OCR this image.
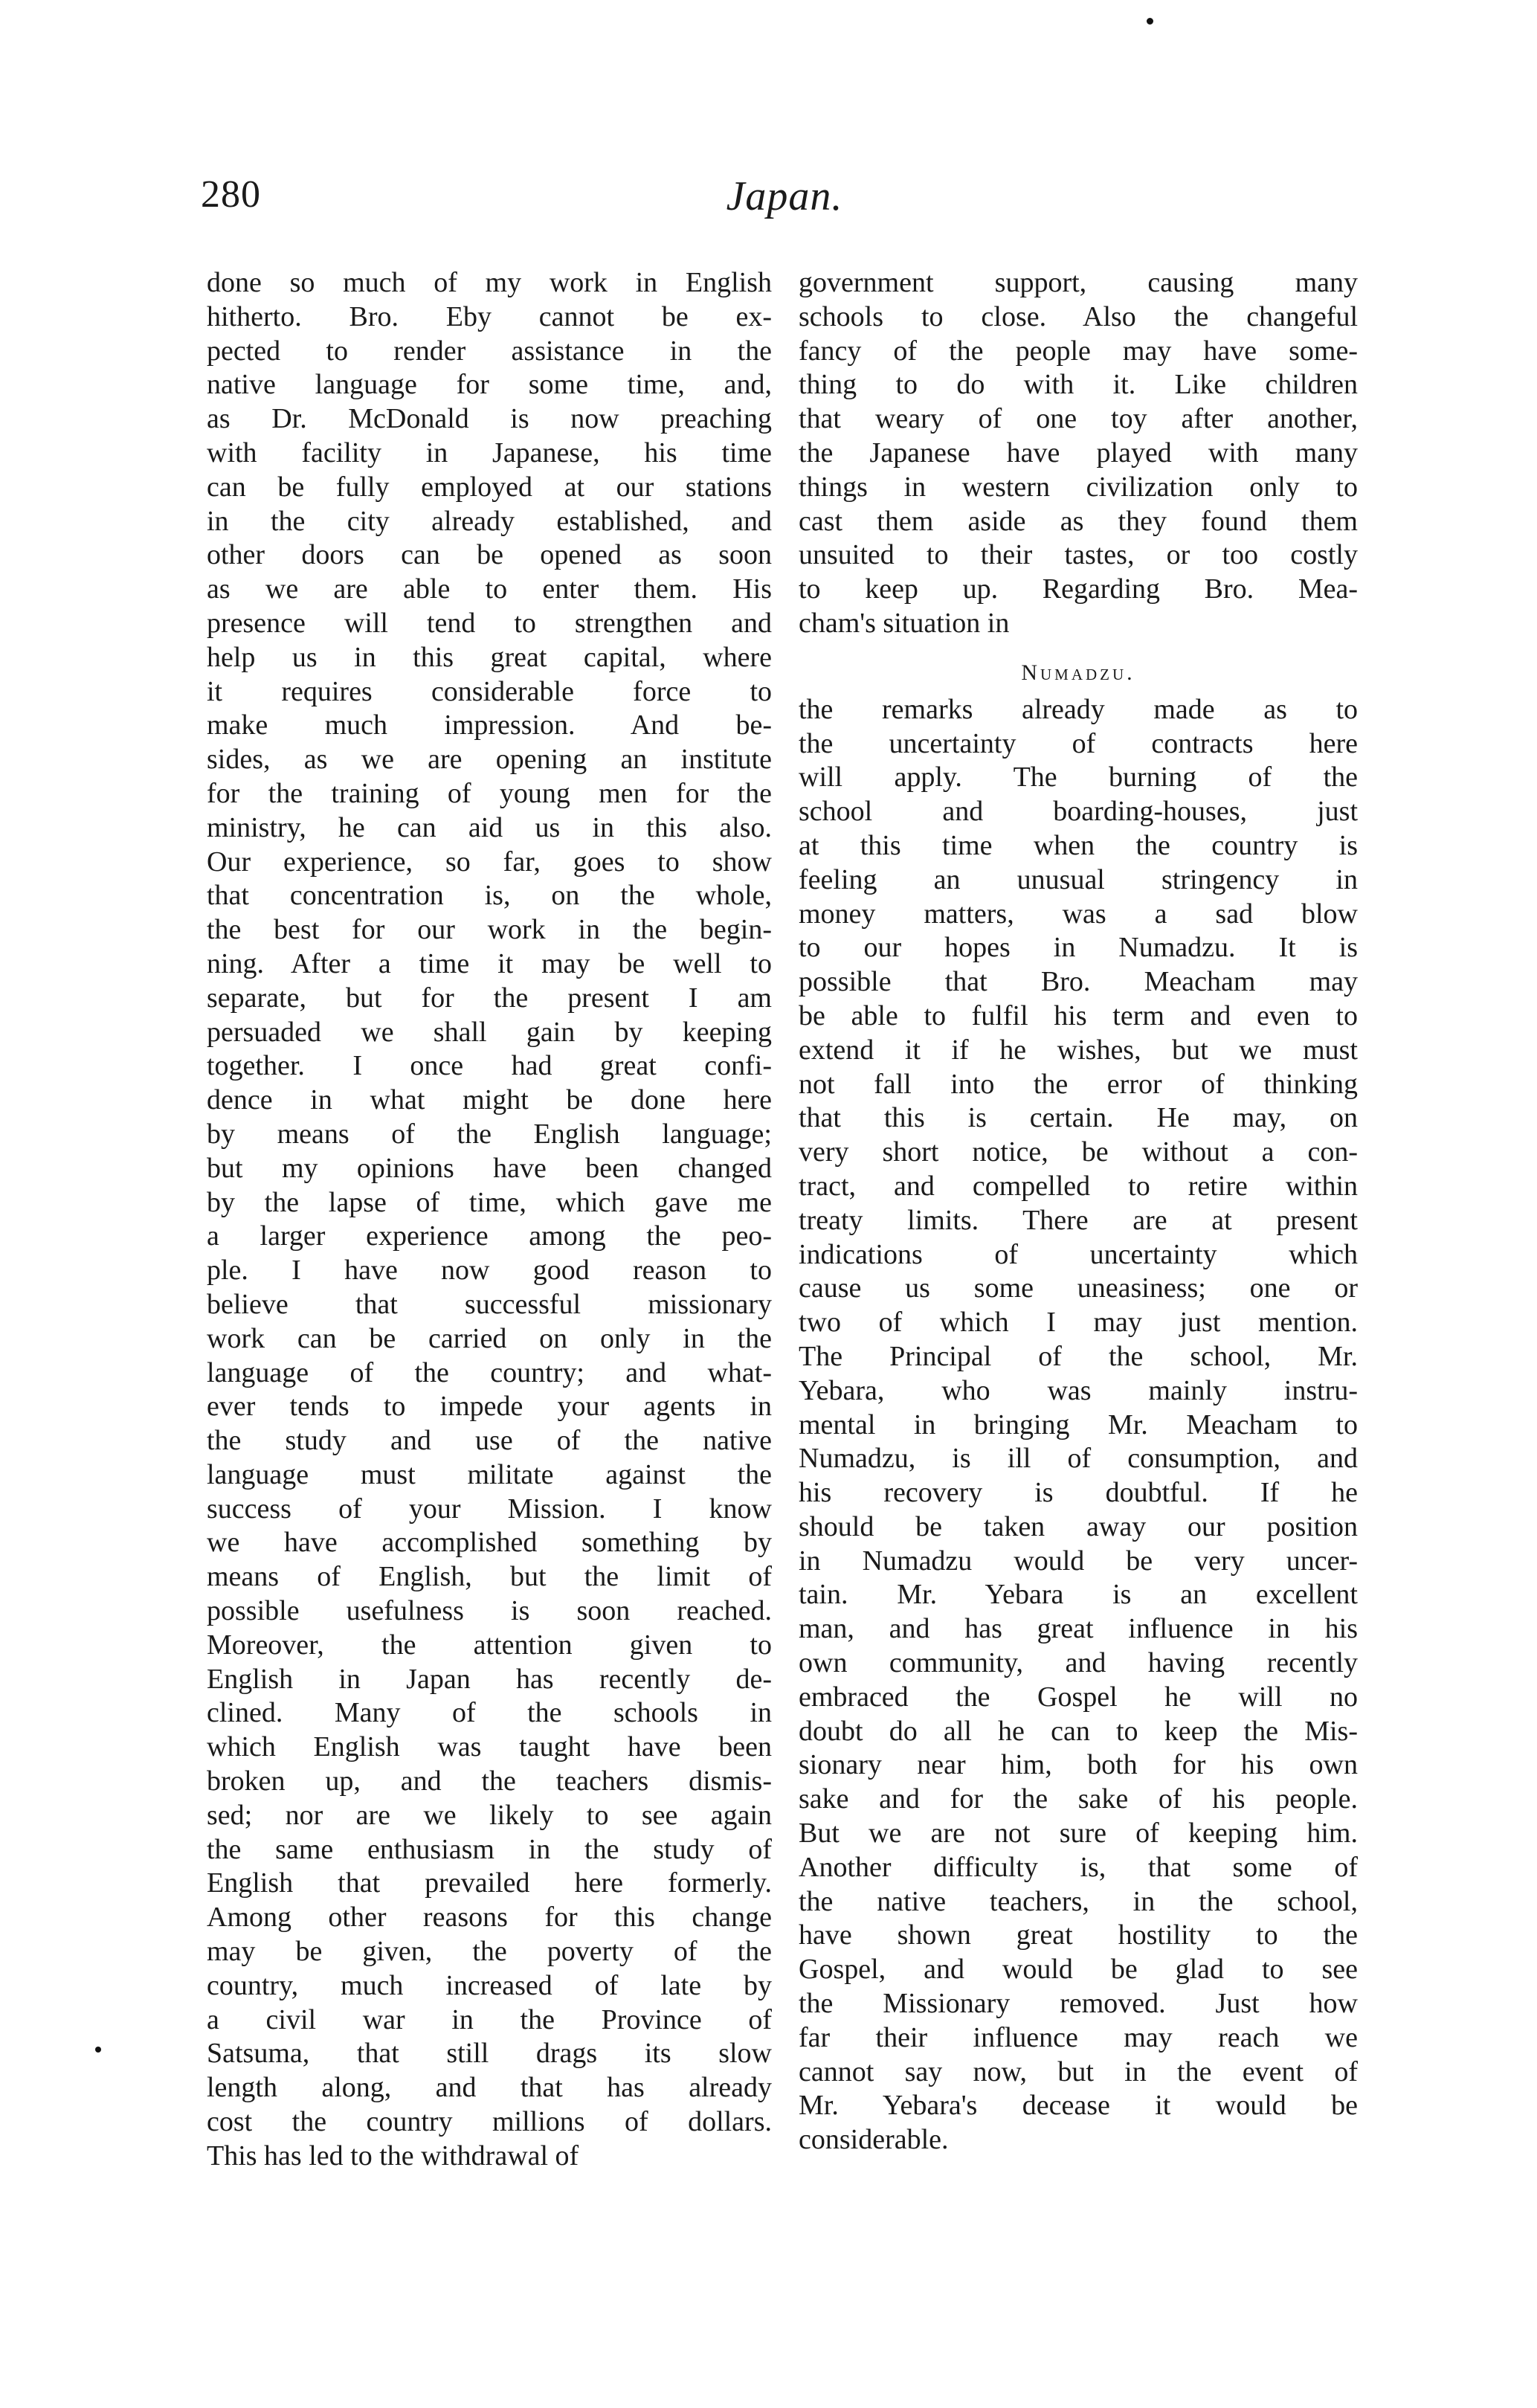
280	Japan.
done so much of my work in English
hitherto. Bro. Eby cannot be ex-
pected to render assistance in the
native language for some time, and,
as Dr. McDonald is now preaching
with facility in Japanese, his time
can be fully employed at our stations
in the city already established, and
other doors can be opened as soon
as we are able to enter them. His
presence will tend to strengthen and
help us in this great capital, where
it requires considerable force to
make much impression. And be-
sides, as we are opening an institute
for the training of young men for the
ministry, he can aid us in this also.
Our experience, so far, goes to show
that concentration is, on the whole,
the best for our work in the begin-
ning. After a time it may be well to
separate, but for the present I am
persuaded we shall gain by keeping
together. I once had great confi-
dence in what might be done here
by means of the English language;
but my opinions have been changed
by the lapse of time, which gave me
a larger experience among the peo-
ple. I have now good reason to
believe that successful missionary
work can be carried on only in the
language of the country; and what-
ever tends to impede your agents in
the study and use of the native
language must militate against the
success of your Mission. I know
we have accomplished something by
means of English, but the limit of
possible usefulness is soon reached.
Moreover, the attention given to
English in Japan has recently de-
clined. Many of the schools in
which English was taught have been
broken up, and the teachers dismis-
sed; nor are we likely to see again
the same enthusiasm in the study of
English that prevailed here formerly.
Among other reasons for this change
may be given, the poverty of the
country, much increased of late by
a civil war in the Province of
Satsuma, that still drags its slow
length along, and that has already
cost the country millions of dollars.
This has led to the withdrawal of
government support, causing many
schools to close. Also the changeful
fancy of the people may have some-
thing to do with it. Like children
that weary of one toy after another,
the Japanese have played with many
things in western civilization only to
cast them aside as they found them
unsuited to their tastes, or too costly
to keep up. Regarding Bro. Mea-
cham's situation in
Numadzu.
the remarks already made as to
the uncertainty of contracts here
will apply. The burning of the
school and boarding-houses, just
at this time when the country is
feeling an unusual stringency in
money matters, was a sad blow
to our hopes in Numadzu. It is
possible that Bro. Meacham may
be able to fulfil his term and even to
extend it if he wishes, but we must
not fall into the error of thinking
that this is certain. He may, on
very short notice, be without a con-
tract, and compelled to retire within
treaty limits. There are at present
indications of uncertainty which
cause us some uneasiness; one or
two of which I may just mention.
The Principal of the school, Mr.
Yebara, who was mainly instru-
mental in bringing Mr. Meacham to
Numadzu, is ill of consumption, and
his recovery is doubtful. If he
should be taken away our position
in Numadzu would be very uncer-
tain. Mr. Yebara is an excellent
man, and has great influence in his
own community, and having recently
embraced the Gospel he will no
doubt do all he can to keep the Mis-
sionary near him, both for his own
sake and for the sake of his people.
But we are not sure of keeping him.
Another difficulty is, that some of
the native teachers, in the school,
have shown great hostility to the
Gospel, and would be glad to see
the Missionary removed. Just how
far their influence may reach we
cannot say now, but in the event of
Mr. Yebara's decease it would be
considerable.
